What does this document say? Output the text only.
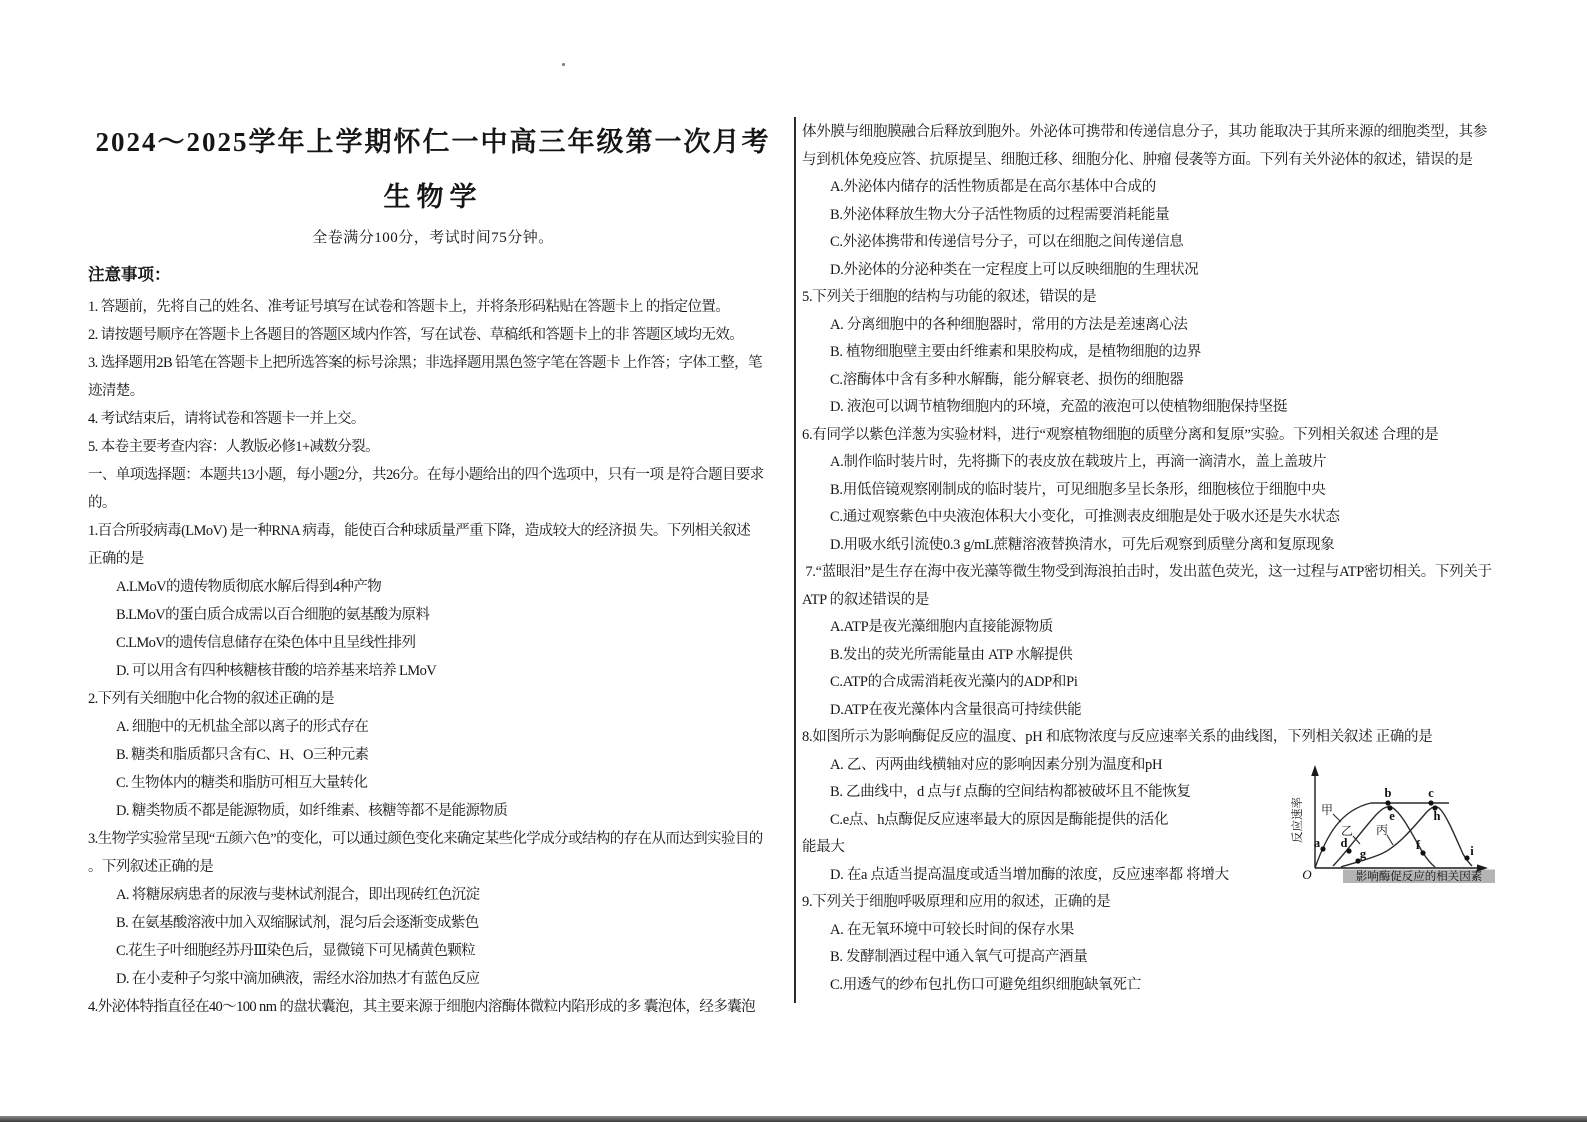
2024～2025学年上学期怀仁一中高三年级第一次月考
生物学
全卷满分100分，考试时间75分钟。
注意事项：
1. 答题前，先将自己的姓名、准考证号填写在试卷和答题卡上，并将条形码粘贴在答题卡上 的指定位置。
2. 请按题号顺序在答题卡上各题目的答题区域内作答，写在试卷、草稿纸和答题卡上的非 答题区域均无效。
3. 选择题用2B 铅笔在答题卡上把所选答案的标号涂黑；非选择题用黑色签字笔在答题卡 上作答；字体工整，笔
迹清楚。
4. 考试结束后，请将试卷和答题卡一并上交。
5. 本卷主要考查内容：人教版必修1+减数分裂。
一、单项选择题：本题共13小题，每小题2分，共26分。在每小题给出的四个选项中，只有一项 是符合题目要求
的。
1.百合所驳病毒(LMoV) 是一种RNA 病毒，能使百合种球质量严重下降，造成较大的经济损 失。下列相关叙述
正确的是
A.LMoV的遗传物质彻底水解后得到4种产物
B.LMoV的蛋白质合成需以百合细胞的氨基酸为原料
C.LMoV的遗传信息储存在染色体中且呈线性排列
D. 可以用含有四种核糖核苷酸的培养基来培养 LMoV
2.下列有关细胞中化合物的叙述正确的是
A. 细胞中的无机盐全部以离子的形式存在
B. 糖类和脂质都只含有C、H、O三种元素
C. 生物体内的糖类和脂肪可相互大量转化
D. 糖类物质不都是能源物质，如纤维素、核糖等都不是能源物质
3.生物学实验常呈现“五颜六色”的变化，可以通过颜色变化来确定某些化学成分或结构的存在从而达到实验目的
。下列叙述正确的是
A. 将糖尿病患者的尿液与斐林试剂混合，即出现砖红色沉淀
B. 在氨基酸溶液中加入双缩脲试剂，混匀后会逐渐变成紫色
C.花生子叶细胞经苏丹Ⅲ染色后，显微镜下可见橘黄色颗粒
D. 在小麦种子匀浆中滴加碘液，需经水浴加热才有蓝色反应
4.外泌体特指直径在40～100 nm 的盘状囊泡，其主要来源于细胞内溶酶体微粒内陷形成的多 囊泡体，经多囊泡
体外膜与细胞膜融合后释放到胞外。外泌体可携带和传递信息分子，其功 能取决于其所来源的细胞类型，其参
与到机体免疫应答、抗原提呈、细胞迁移、细胞分化、肿瘤 侵袭等方面。下列有关外泌体的叙述，错误的是
A.外泌体内储存的活性物质都是在高尔基体中合成的
B.外泌体释放生物大分子活性物质的过程需要消耗能量
C.外泌体携带和传递信号分子，可以在细胞之间传递信息
D.外泌体的分泌种类在一定程度上可以反映细胞的生理状况
5.下列关于细胞的结构与功能的叙述，错误的是
A. 分离细胞中的各种细胞器时，常用的方法是差速离心法
B. 植物细胞壁主要由纤维素和果胶构成，是植物细胞的边界
C.溶酶体中含有多种水解酶，能分解衰老、损伤的细胞器
D. 液泡可以调节植物细胞内的环境，充盈的液泡可以使植物细胞保持坚挺
6.有同学以紫色洋葱为实验材料，进行“观察植物细胞的质壁分离和复原”实验。下列相关叙述 合理的是
A.制作临时装片时，先将撕下的表皮放在载玻片上，再滴一滴清水，盖上盖玻片
B.用低倍镜观察刚制成的临时装片，可见细胞多呈长条形，细胞核位于细胞中央
C.通过观察紫色中央液泡体积大小变化，可推测表皮细胞是处于吸水还是失水状态
D.用吸水纸引流使0.3 g/mL蔗糖溶液替换清水，可先后观察到质壁分离和复原现象
7.“蓝眼泪”是生存在海中夜光藻等微生物受到海浪拍击时，发出蓝色荧光，这一过程与ATP密切相关。下列关于
ATP 的叙述错误的是
A.ATP是夜光藻细胞内直接能源物质
B.发出的荧光所需能量由 ATP 水解提供
C.ATP的合成需消耗夜光藻内的ADP和Pi
D.ATP在夜光藻体内含量很高可持续供能
8.如图所示为影响酶促反应的温度、pH 和底物浓度与反应速率关系的曲线图，下列相关叙述 正确的是
A. 乙、丙两曲线横轴对应的影响因素分别为温度和pH
B. 乙曲线中，d 点与f 点酶的空间结构都被破坏且不能恢复
C.e点、h点酶促反应速率最大的原因是酶能提供的活化
能最大
D. 在a 点适当提高温度或适当增加酶的浓度，反应速率都 将增大
9.下列关于细胞呼吸原理和应用的叙述，正确的是
A. 在无氧环境中可较长时间的保存水果
B. 发酵制酒过程中通入氧气可提高产酒量
C.用透气的纱布包扎伤口可避免组织细胞缺氧死亡
a
b	c
d
e
f
g
h
i
甲
乙 丙
O	影响酶促反应的相关因素
反应速率
